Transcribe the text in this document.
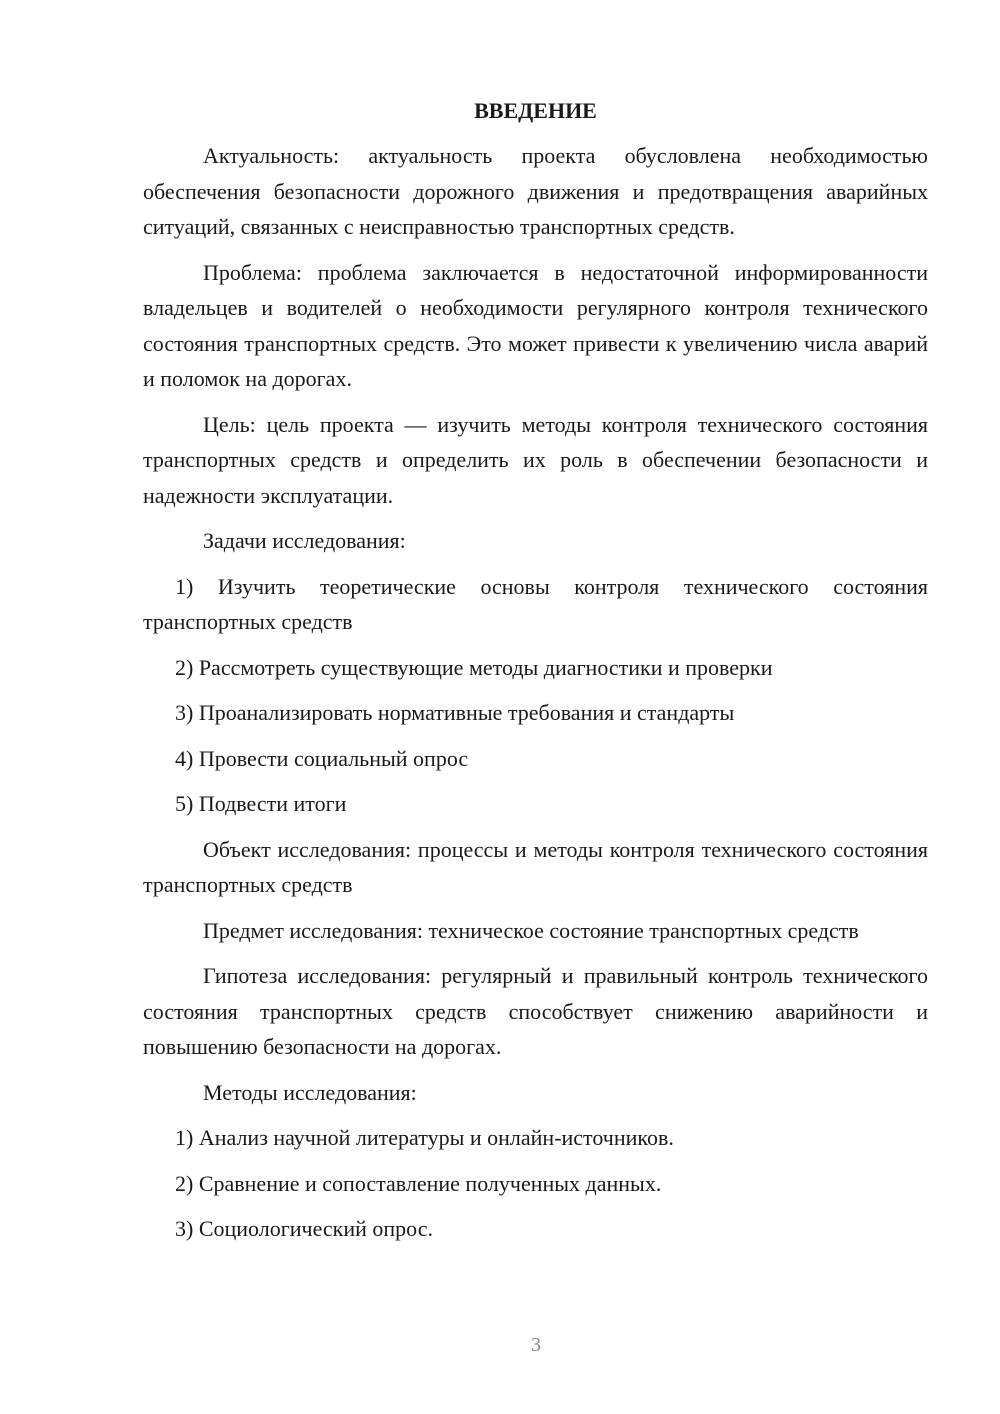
ВВЕДЕНИЕ

Актуальность: актуальность проекта обусловлена необходимостью обеспечения безопасности дорожного движения и предотвращения аварийных ситуаций, связанных с неисправностью транспортных средств.

Проблема: проблема заключается в недостаточной информированности владельцев и водителей о необходимости регулярного контроля технического состояния транспортных средств. Это может привести к увеличению числа аварий и поломок на дорогах.

Цель: цель проекта — изучить методы контроля технического состояния транспортных средств и определить их роль в обеспечении безопасности и надежности эксплуатации.

Задачи исследования:

1) Изучить теоретические основы контроля технического состояния транспортных средств

2) Рассмотреть существующие методы диагностики и проверки

3) Проанализировать нормативные требования и стандарты

4) Провести социальный опрос

5) Подвести итоги

Объект исследования: процессы и методы контроля технического состояния транспортных средств

Предмет исследования: техническое состояние транспортных средств

Гипотеза исследования: регулярный и правильный контроль технического состояния транспортных средств способствует снижению аварийности и повышению безопасности на дорогах.

Методы исследования:

1) Анализ научной литературы и онлайн-источников.

2) Сравнение и сопоставление полученных данных.

3) Социологический опрос.

3
